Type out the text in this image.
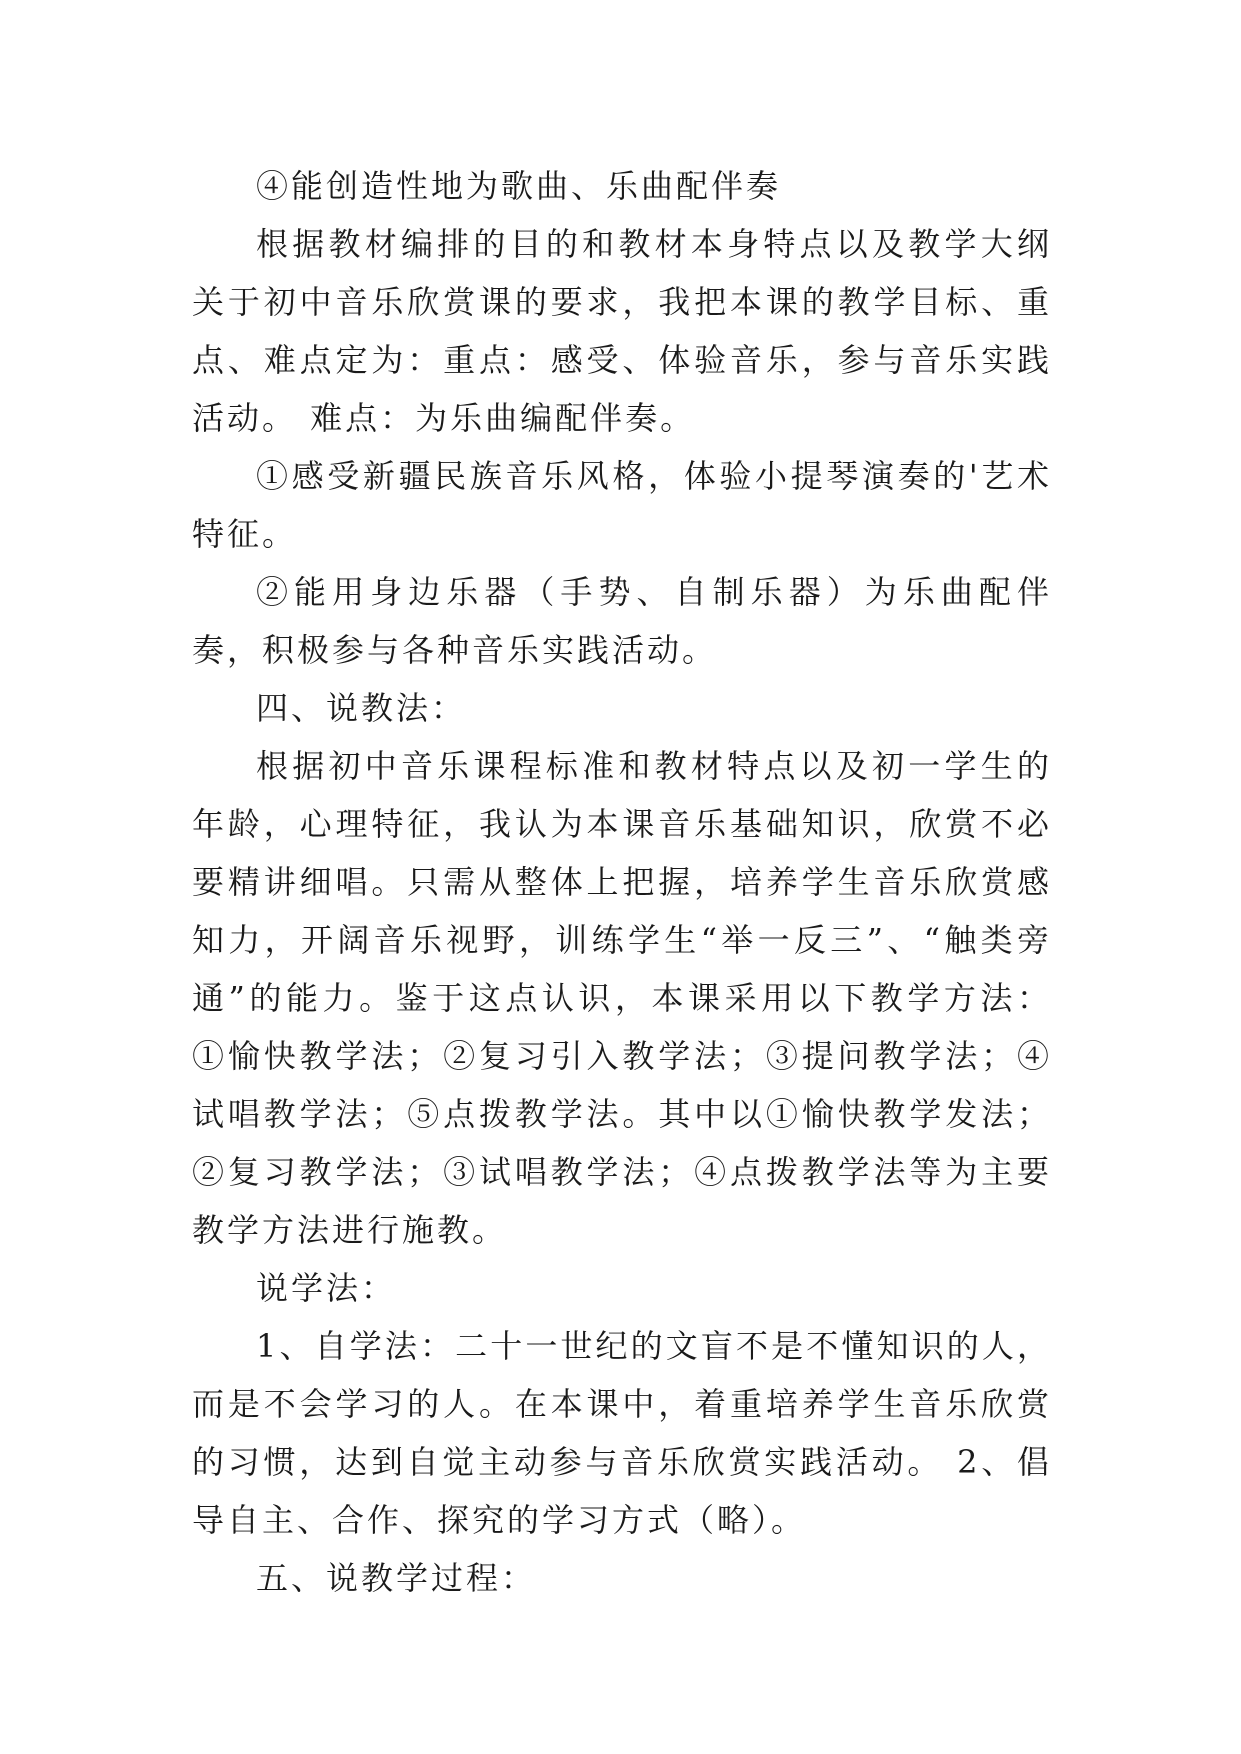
④能创造性地为歌曲、乐曲配伴奏

根据教材编排的目的和教材本身特点以及教学大纲关于初中音乐欣赏课的要求，我把本课的教学目标、重点、难点定为：重点：感受、体验音乐，参与音乐实践活动。 难点：为乐曲编配伴奏。

①感受新疆民族音乐风格，体验小提琴演奏的'艺术特征。

②能用身边乐器（手势、自制乐器）为乐曲配伴奏，积极参与各种音乐实践活动。

四、说教法：

根据初中音乐课程标准和教材特点以及初一学生的年龄，心理特征，我认为本课音乐基础知识，欣赏不必要精讲细唱。只需从整体上把握，培养学生音乐欣赏感知力，开阔音乐视野，训练学生“举一反三”、“触类旁通”的能力。鉴于这点认识，本课采用以下教学方法： ①愉快教学法；②复习引入教学法；③提问教学法；④试唱教学法；⑤点拨教学法。其中以①愉快教学发法；②复习教学法；③试唱教学法；④点拨教学法等为主要教学方法进行施教。

说学法：

1、自学法：二十一世纪的文盲不是不懂知识的人，而是不会学习的人。在本课中，着重培养学生音乐欣赏的习惯，达到自觉主动参与音乐欣赏实践活动。 2、倡导自主、合作、探究的学习方式（略）。

五、说教学过程：
